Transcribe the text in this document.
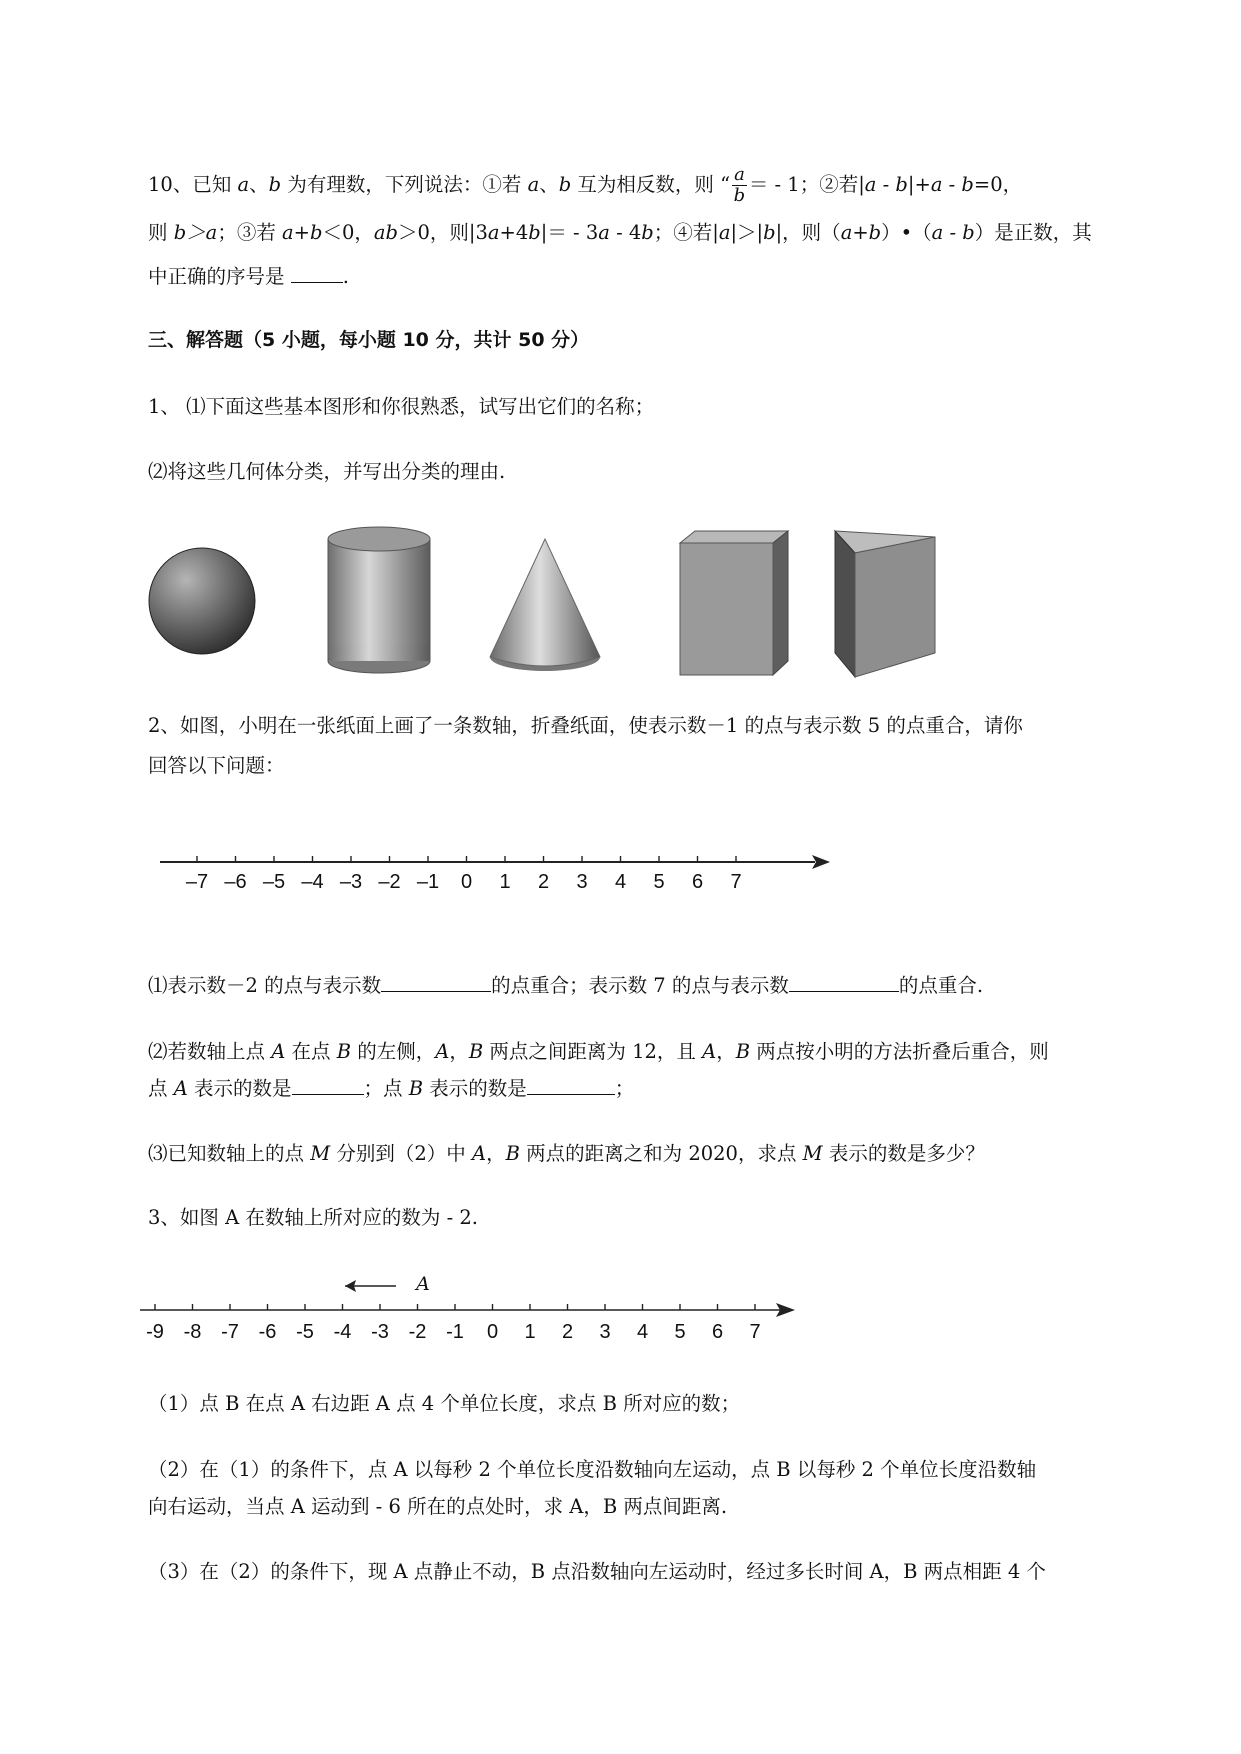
10、已知 a、b 为有理数，下列说法：①若 a、b 互为相反数，则 “ $\frac{a}{b}$ ＝ - 1；②若|a - b|+a - b=0，
则 b＞a；③若 a+b＜0，ab＞0，则|3a+4b|＝ - 3a - 4b；④若|a|＞|b|，则（a+b）•（a - b）是正数，其
中正确的序号是	.
三、解答题（5 小题，每小题 10 分，共计 50 分）
1、 ⑴下面这些基本图形和你很熟悉，试写出它们的名称；
⑵将这些几何体分类，并写出分类的理由.
2、如图，小明在一张纸面上画了一条数轴，折叠纸面，使表示数－1 的点与表示数 5 的点重合，请你
回答以下问题：
–7 –6 –5 –4 –3 –2 –1 0 1 2 3 4 5 6 7
⑴表示数－2 的点与表示数	的点重合；表示数 7 的点与表示数	的点重合.
⑵若数轴上点 A 在点 B 的左侧，A，B 两点之间距离为 12，且 A，B 两点按小明的方法折叠后重合，则
点 A 表示的数是	；点 B 表示的数是	；
⑶已知数轴上的点 M 分别到（2）中 A，B 两点的距离之和为 2020，求点 M 表示的数是多少？
3、如图 A 在数轴上所对应的数为 - 2.
A
-9 -8 -7 -6 -5 -4 -3 -2 -1 0 1 2 3 4 5 6 7
（1）点 B 在点 A 右边距 A 点 4 个单位长度，求点 B 所对应的数；
（2）在（1）的条件下，点 A 以每秒 2 个单位长度沿数轴向左运动，点 B 以每秒 2 个单位长度沿数轴
向右运动，当点 A 运动到 - 6 所在的点处时，求 A，B 两点间距离.
（3）在（2）的条件下，现 A 点静止不动，B 点沿数轴向左运动时，经过多长时间 A，B 两点相距 4 个
